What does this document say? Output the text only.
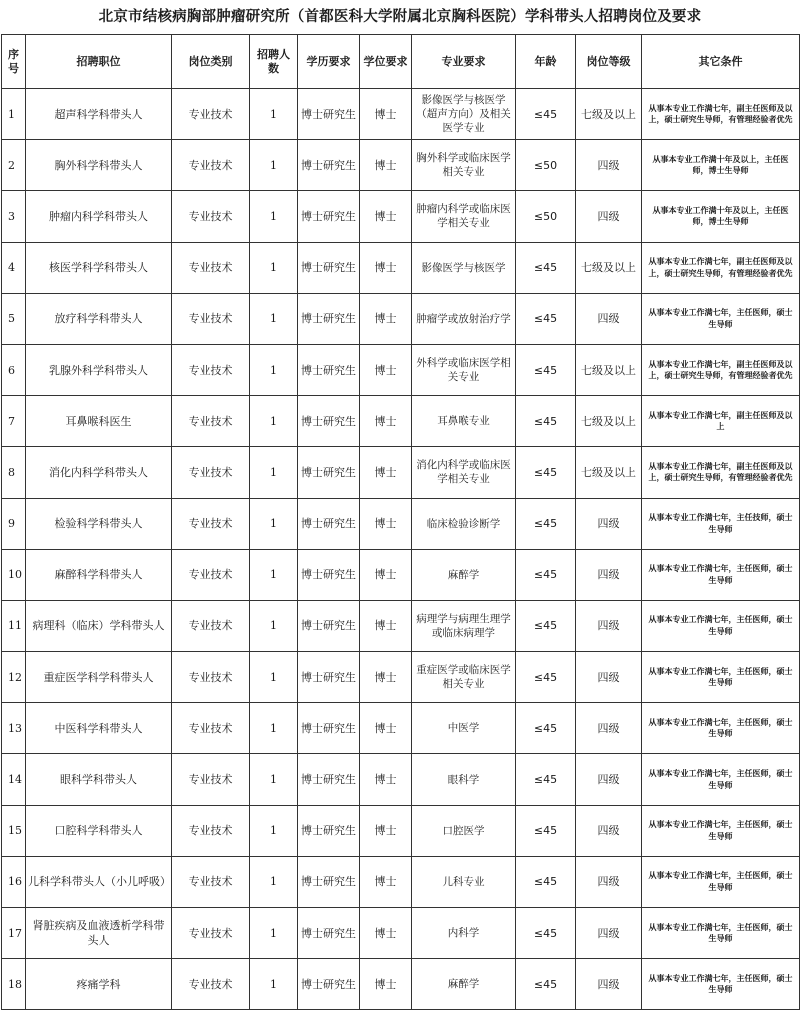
北京市结核病胸部肿瘤研究所（首都医科大学附属北京胸科医院）学科带头人招聘岗位及要求
序号	招聘职位	岗位类别	招聘人数	学历要求	学位要求	专业要求	年龄	岗位等级	其它条件
1	超声科学科带头人	专业技术	1	博士研究生	博士	影像医学与核医学（超声方向）及相关医学专业	≤45	七级及以上	从事本专业工作满七年，副主任医师及以上，硕士研究生导师，有管理经验者优先
2	胸外科学科带头人	专业技术	1	博士研究生	博士	胸外科学或临床医学相关专业	≤50	四级	从事本专业工作满十年及以上，主任医师，博士生导师
3	肿瘤内科学科带头人	专业技术	1	博士研究生	博士	肿瘤内科学或临床医学相关专业	≤50	四级	从事本专业工作满十年及以上，主任医师，博士生导师
4	核医学科学科带头人	专业技术	1	博士研究生	博士	影像医学与核医学	≤45	七级及以上	从事本专业工作满七年，副主任医师及以上，硕士研究生导师，有管理经验者优先
5	放疗科学科带头人	专业技术	1	博士研究生	博士	肿瘤学或放射治疗学	≤45	四级	从事本专业工作满七年，主任医师，硕士生导师
6	乳腺外科学科带头人	专业技术	1	博士研究生	博士	外科学或临床医学相关专业	≤45	七级及以上	从事本专业工作满七年，副主任医师及以上，硕士研究生导师，有管理经验者优先
7	耳鼻喉科医生	专业技术	1	博士研究生	博士	耳鼻喉专业	≤45	七级及以上	从事本专业工作满七年，副主任医师及以上
8	消化内科学科带头人	专业技术	1	博士研究生	博士	消化内科学或临床医学相关专业	≤45	七级及以上	从事本专业工作满七年，副主任医师及以上，硕士研究生导师，有管理经验者优先
9	检验科学科带头人	专业技术	1	博士研究生	博士	临床检验诊断学	≤45	四级	从事本专业工作满七年，主任技师，硕士生导师
10	麻醉科学科带头人	专业技术	1	博士研究生	博士	麻醉学	≤45	四级	从事本专业工作满七年，主任医师，硕士生导师
11	病理科（临床）学科带头人	专业技术	1	博士研究生	博士	病理学与病理生理学或临床病理学	≤45	四级	从事本专业工作满七年，主任医师，硕士生导师
12	重症医学科学科带头人	专业技术	1	博士研究生	博士	重症医学或临床医学相关专业	≤45	四级	从事本专业工作满七年，主任医师，硕士生导师
13	中医科学科带头人	专业技术	1	博士研究生	博士	中医学	≤45	四级	从事本专业工作满七年，主任医师，硕士生导师
14	眼科学科带头人	专业技术	1	博士研究生	博士	眼科学	≤45	四级	从事本专业工作满七年，主任医师，硕士生导师
15	口腔科学科带头人	专业技术	1	博士研究生	博士	口腔医学	≤45	四级	从事本专业工作满七年，主任医师，硕士生导师
16	儿科学科带头人（小儿呼吸）	专业技术	1	博士研究生	博士	儿科专业	≤45	四级	从事本专业工作满七年，主任医师，硕士生导师
17	肾脏疾病及血液透析学科带头人	专业技术	1	博士研究生	博士	内科学	≤45	四级	从事本专业工作满七年，主任医师，硕士生导师
18	疼痛学科	专业技术	1	博士研究生	博士	麻醉学	≤45	四级	从事本专业工作满七年，主任医师，硕士生导师
